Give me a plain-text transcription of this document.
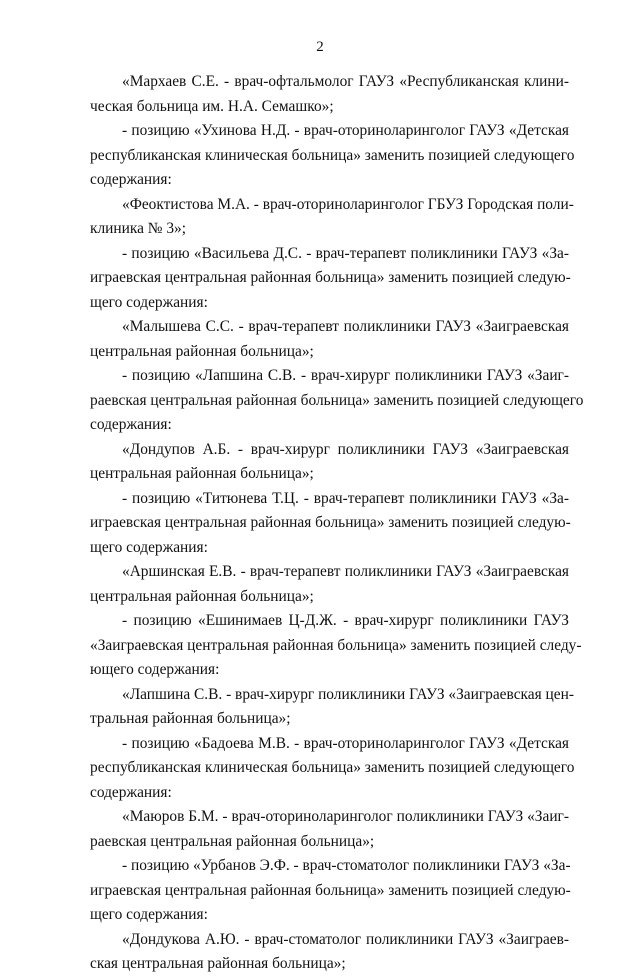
2
«Мархаев С.Е. - врач-офтальмолог ГАУЗ «Республиканская клини-
ческая больница им. Н.А. Семашко»;
- позицию «Ухинова Н.Д. - врач-оториноларинголог ГАУЗ «Детская
республиканская клиническая больница» заменить позицией следующего
содержания:
«Феоктистова М.А. - врач-оториноларинголог ГБУЗ Городская поли-
клиника № 3»;
- позицию «Васильева Д.С. - врач-терапевт поликлиники ГАУЗ «За-
играевская центральная районная больница» заменить позицией следую-
щего содержания:
«Малышева С.С. - врач-терапевт поликлиники ГАУЗ «Заиграевская
центральная районная больница»;
- позицию «Лапшина С.В. - врач-хирург поликлиники ГАУЗ «Заиг-
раевская центральная районная больница» заменить позицией следующего
содержания:
«Дондупов А.Б. - врач-хирург поликлиники ГАУЗ «Заиграевская
центральная районная больница»;
- позицию «Титюнева Т.Ц. - врач-терапевт поликлиники ГАУЗ «За-
играевская центральная районная больница» заменить позицией следую-
щего содержания:
«Аршинская Е.В. - врач-терапевт поликлиники ГАУЗ «Заиграевская
центральная районная больница»;
- позицию «Ешинимаев Ц-Д.Ж. - врач-хирург поликлиники ГАУЗ
«Заиграевская центральная районная больница» заменить позицией следу-
ющего содержания:
«Лапшина С.В. - врач-хирург поликлиники ГАУЗ «Заиграевская цен-
тральная районная больница»;
- позицию «Бадоева М.В. - врач-оториноларинголог ГАУЗ «Детская
республиканская клиническая больница» заменить позицией следующего
содержания:
«Маюров Б.М. - врач-оториноларинголог поликлиники ГАУЗ «Заиг-
раевская центральная районная больница»;
- позицию «Урбанов Э.Ф. - врач-стоматолог поликлиники ГАУЗ «За-
играевская центральная районная больница» заменить позицией следую-
щего содержания:
«Дондукова А.Ю. - врач-стоматолог поликлиники ГАУЗ «Заиграев-
ская центральная районная больница»;
